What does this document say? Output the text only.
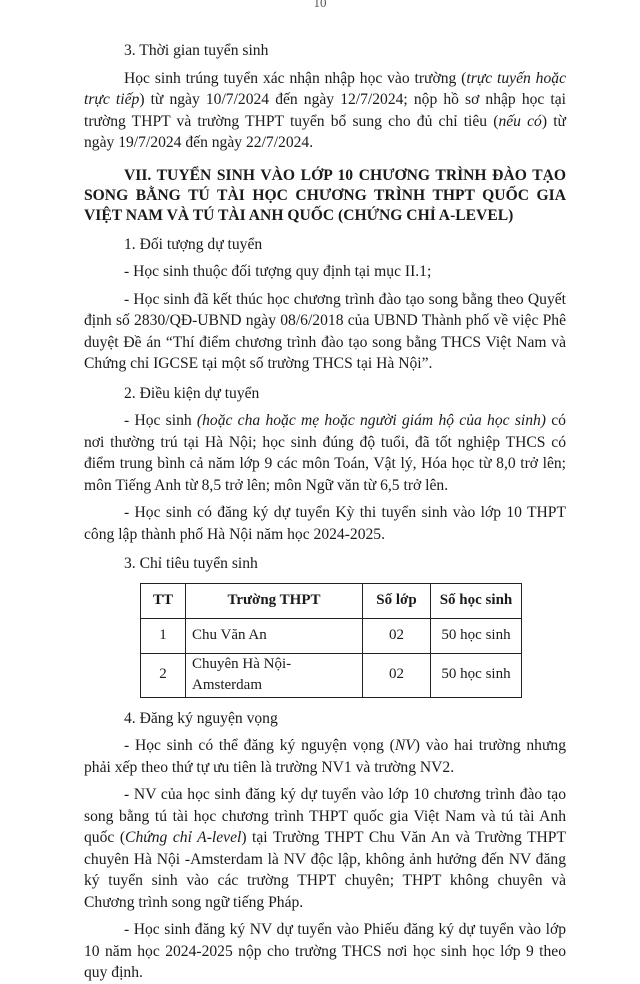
10

3. Thời gian tuyển sinh

Học sinh trúng tuyển xác nhận nhập học vào trường (trực tuyến hoặc trực tiếp) từ ngày 10/7/2024 đến ngày 12/7/2024; nộp hồ sơ nhập học tại trường THPT và trường THPT tuyển bổ sung cho đủ chỉ tiêu (nếu có) từ ngày 19/7/2024 đến ngày 22/7/2024.

VII. TUYỂN SINH VÀO LỚP 10 CHƯƠNG TRÌNH ĐÀO TẠO SONG BẰNG TÚ TÀI HỌC CHƯƠNG TRÌNH THPT QUỐC GIA VIỆT NAM VÀ TÚ TÀI ANH QUỐC (CHỨNG CHỈ A-LEVEL)

1. Đối tượng dự tuyển

- Học sinh thuộc đối tượng quy định tại mục II.1;

- Học sinh đã kết thúc học chương trình đào tạo song bằng theo Quyết định số 2830/QĐ-UBND ngày 08/6/2018 của UBND Thành phố về việc Phê duyệt Đề án “Thí điểm chương trình đào tạo song bằng THCS Việt Nam và Chứng chỉ IGCSE tại một số trường THCS tại Hà Nội”.

2. Điều kiện dự tuyển

- Học sinh (hoặc cha hoặc mẹ hoặc người giám hộ của học sinh) có nơi thường trú tại Hà Nội; học sinh đúng độ tuổi, đã tốt nghiệp THCS có điểm trung bình cả năm lớp 9 các môn Toán, Vật lý, Hóa học từ 8,0 trở lên; môn Tiếng Anh từ 8,5 trở lên; môn Ngữ văn từ 6,5 trở lên.

- Học sinh có đăng ký dự tuyển Kỳ thi tuyển sinh vào lớp 10 THPT công lập thành phố Hà Nội năm học 2024-2025.

3. Chỉ tiêu tuyển sinh

TT	Trường THPT	Số lớp	Số học sinh
1	Chu Văn An	02	50 học sinh
2	Chuyên Hà Nội-Amsterdam	02	50 học sinh

4. Đăng ký nguyện vọng

- Học sinh có thể đăng ký nguyện vọng (NV) vào hai trường nhưng phải xếp theo thứ tự ưu tiên là trường NV1 và trường NV2.

- NV của học sinh đăng ký dự tuyển vào lớp 10 chương trình đào tạo song bằng tú tài học chương trình THPT quốc gia Việt Nam và tú tài Anh quốc (Chứng chỉ A-level) tại Trường THPT Chu Văn An và Trường THPT chuyên Hà Nội -Amsterdam là NV độc lập, không ảnh hưởng đến NV đăng ký tuyển sinh vào các trường THPT chuyên; THPT không chuyên và Chương trình song ngữ tiếng Pháp.

- Học sinh đăng ký NV dự tuyển vào Phiếu đăng ký dự tuyển vào lớp 10 năm học 2024-2025 nộp cho trường THCS nơi học sinh học lớp 9 theo quy định.
